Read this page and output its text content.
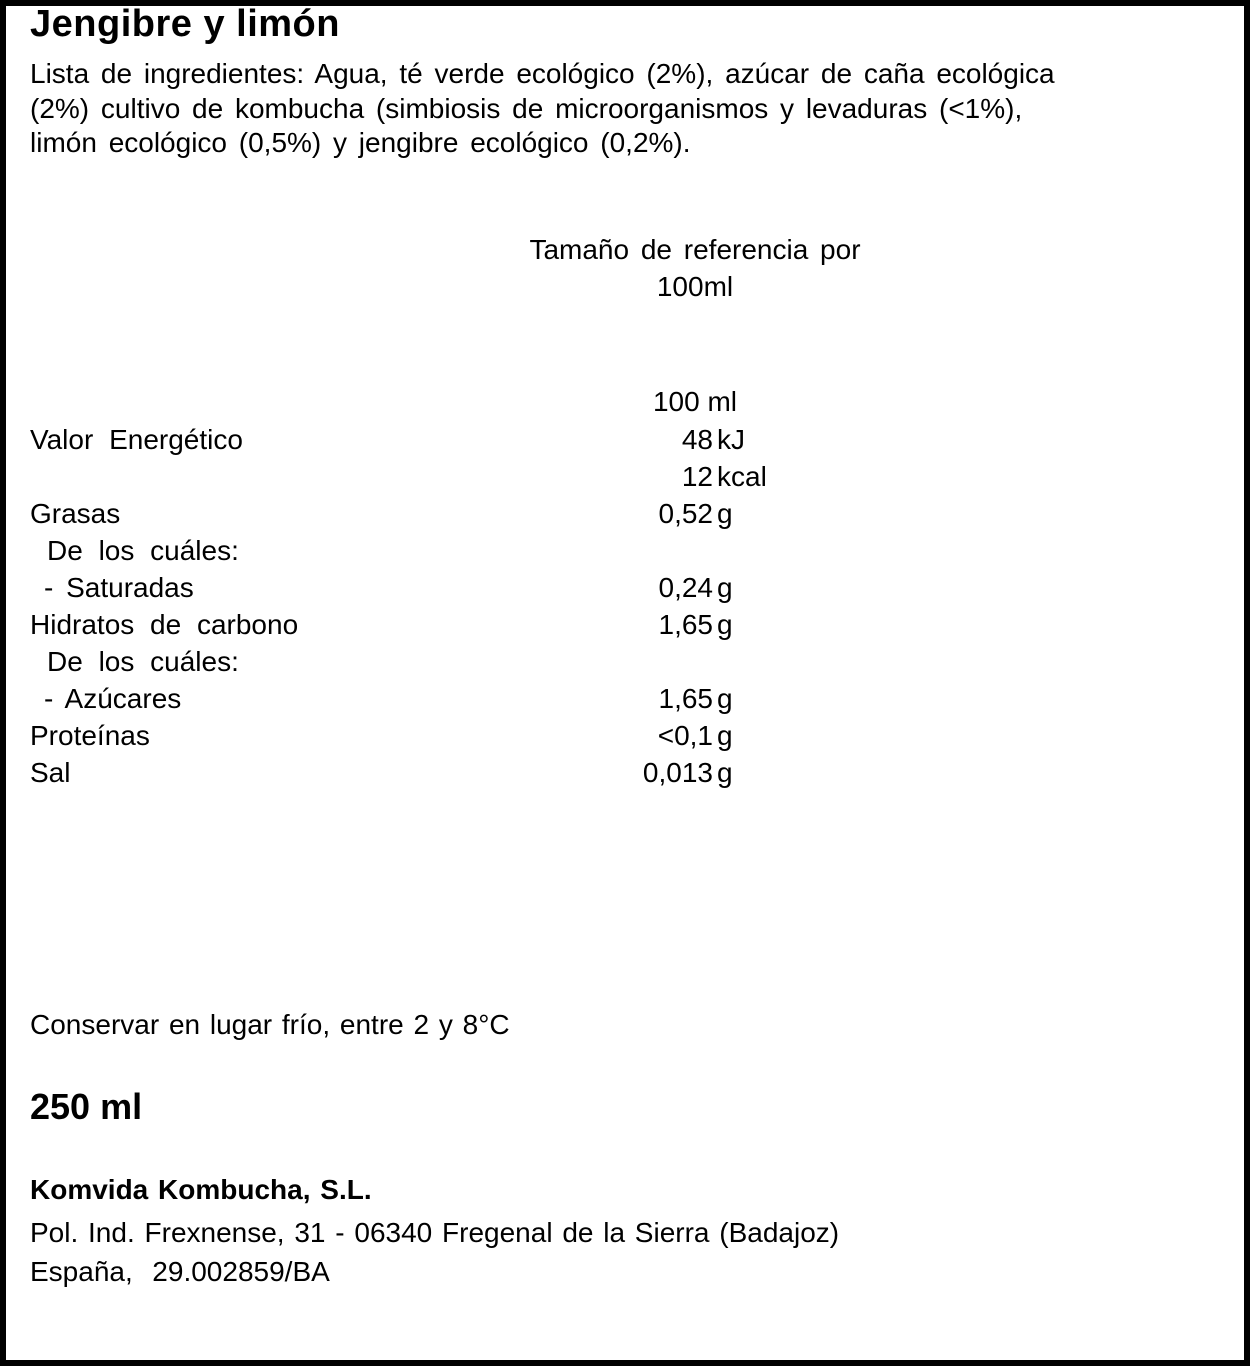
Jengibre y limón
Lista de ingredientes: Agua, té verde ecológico (2%), azúcar de caña ecológica
(2%) cultivo de kombucha (simbiosis de microorganismos y levaduras (<1%),
limón ecológico (0,5%) y jengibre ecológico (0,2%).
Tamaño de referencia por
100ml
100 ml
Valor Energético	48 kJ
12 kcal
Grasas	0,52 g
De los cuáles:
- Saturadas	0,24 g
Hidratos de carbono	1,65 g
De los cuáles:
- Azúcares	1,65 g
Proteínas	<0,1 g
Sal	0,013 g
Conservar en lugar frío, entre 2 y 8°C
250 ml
Komvida Kombucha, S.L.
Pol. Ind. Frexnense, 31 - 06340 Fregenal de la Sierra (Badajoz)
España,  29.002859/BA
